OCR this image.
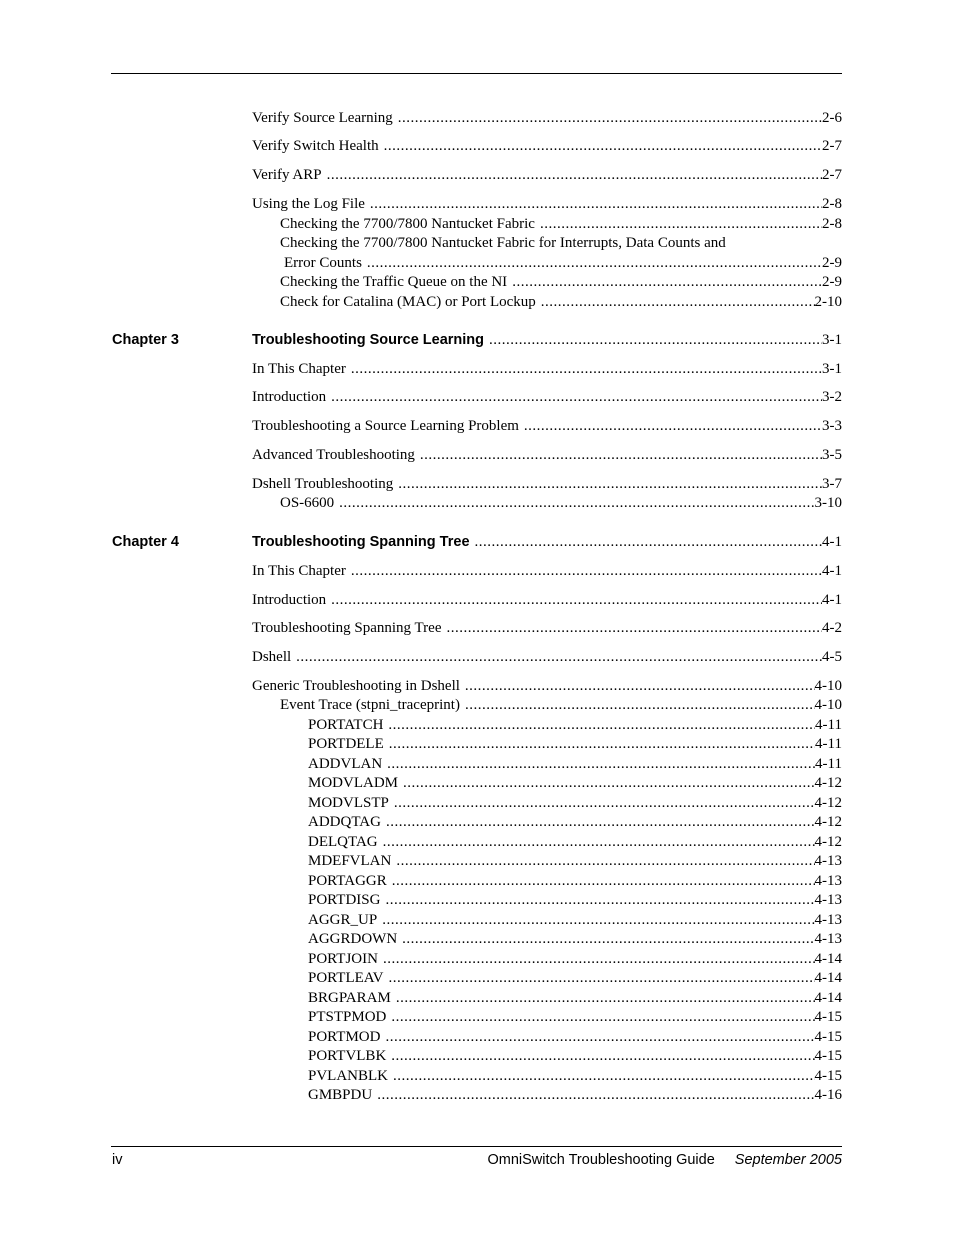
Verify Source Learning .....	2-6
Verify Switch Health .....	2-7
Verify ARP .....	2-7
Using the Log File .....	2-8
Checking the 7700/7800 Nantucket Fabric .....	2-8
Checking the 7700/7800 Nantucket Fabric for Interrupts, Data Counts and
Error Counts .....	2-9
Checking the Traffic Queue on the NI .....	2-9
Check for Catalina (MAC) or Port Lockup .....	2-10
Chapter 3	Troubleshooting Source Learning .....	3-1
In This Chapter .....	3-1
Introduction .....	3-2
Troubleshooting a Source Learning Problem .....	3-3
Advanced Troubleshooting .....	3-5
Dshell Troubleshooting .....	3-7
OS-6600 .....	3-10
Chapter 4	Troubleshooting Spanning Tree .....	4-1
In This Chapter .....	4-1
Introduction .....	4-1
Troubleshooting Spanning Tree .....	4-2
Dshell .....	4-5
Generic Troubleshooting in Dshell .....	4-10
Event Trace (stpni_traceprint) .....	4-10
PORTATCH .....	4-11
PORTDELE .....	4-11
ADDVLAN .....	4-11
MODVLADM .....	4-12
MODVLSTP .....	4-12
ADDQTAG .....	4-12
DELQTAG .....	4-12
MDEFVLAN .....	4-13
PORTAGGR .....	4-13
PORTDISG .....	4-13
AGGR_UP .....	4-13
AGGRDOWN .....	4-13
PORTJOIN .....	4-14
PORTLEAV .....	4-14
BRGPARAM .....	4-14
PTSTPMOD .....	4-15
PORTMOD .....	4-15
PORTVLBK .....	4-15
PVLANBLK .....	4-15
GMBPDU .....	4-16
iv	OmniSwitch Troubleshooting Guide September 2005
